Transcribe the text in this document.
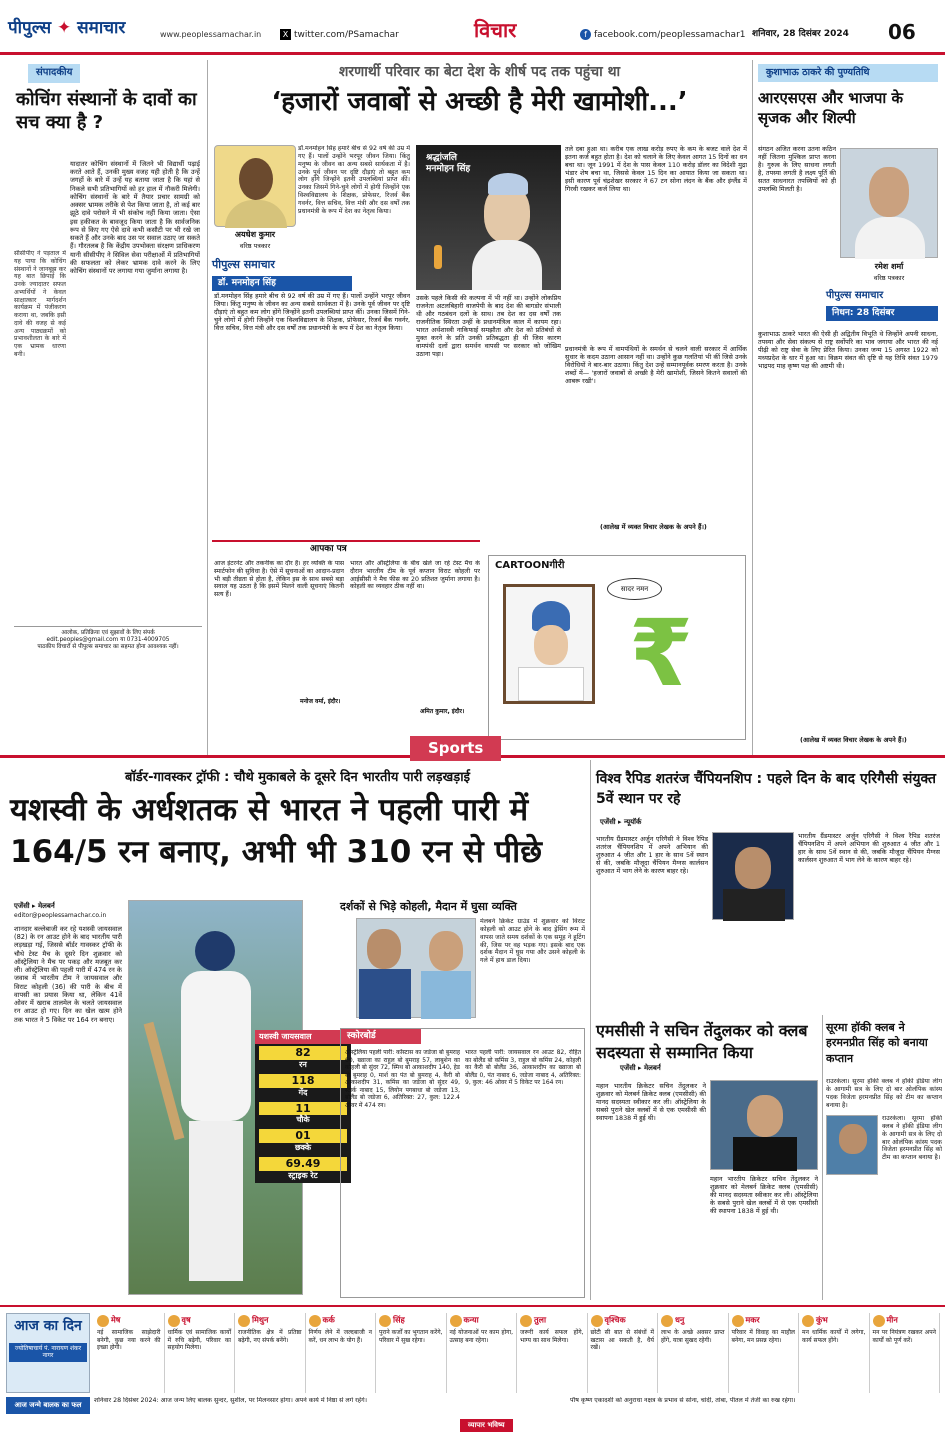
पीपुल्स ✦ समाचार	www.peoplessamachar.in	X twitter.com/PSamachar	विचार	f facebook.com/peoplessamachar1 शनिवार, 28 दिसंबर 2024 06
संपादकीय
कोचिंग संस्थानों के दावों का सच क्या है ?
यादातर कोचिंग संस्थानों में जितने भी विद्यार्थी पढ़ाई करते आते हैं, उनकी मुख्य वजह यही होती है कि उन्हें जगहों के बारे में उन्हें यह बताया जाता है कि यहां से निकले सभी प्रतिभागियों को हर हाल में नौकरी मिलेगी। कोचिंग संस्थानों के बारे में तैयार प्रचार सामग्री को अक्सर भ्रामक तरीके से पेश किया जाता है, तो कई बार झूठे दावे परोसने में भी संकोच नहीं किया जाता। ऐसा इस हकीकत के बावजूद किया जाता है कि सार्वजनिक रूप से किए गए ऐसे दावे कभी कसौटी पर भी रखे जा सकते हैं और उनके बाद उस पर सवाल उठाए जा सकते हैं। गौरतलब है कि केंद्रीय उपभोक्ता संरक्षण प्राधिकरण यानी सीसीपीए ने सिविल सेवा परीक्षाओं में प्रतिभागियों की सफलता को लेकर भ्रामक दावे करने के लिए कोचिंग संस्थानों पर लगाया गया जुर्माना लगाया है।
सीसीपीए ने पड़ताल में यह पाया कि कोचिंग संस्थानों ने जानबूझ कर यह बात छिपाई कि उनके ज्यादातर सफल अभ्यर्थियों ने केवल साक्षात्कार मार्गदर्शन कार्यक्रम में पंजीकरण कराया था, जबकि इसी दावे की वजह से कई अन्य पाठ्यक्रमों को प्रभावशीलता के बारे में एक भ्रामक धारणा बनी।
आलोक, प्रतिक्रिया एवं सुझावों के लिए संपर्क
edit.peoples@gmail.com या 0731-4009705
पाठकीय विचारों से पीपुल्स समाचार का सहमत होना आवश्यक नहीं।
शरणार्थी परिवार का बेटा देश के शीर्ष पद तक पहुंचा था
‘हजारों जवाबों से अच्छी है मेरी खामोशी...’
अयधेश कुमार
वरिष्ठ पत्रकार
पीपुल्स समाचार
डॉ. मनमोहन सिंह
डॉ.मनमोहन सिंह हमारे बीच से 92 वर्ष की उम्र में गए हैं। पालों उन्होंने भरपूर जीवन जिया। किंतु मनुष्य के जीवन का अन्य सबसे सार्थकता में है। उनके पूर्व जीवन पर दृष्टि दौड़ाएं तो बहुत कम लोग होंगे जिन्होंने इतनी उपलब्धियां प्राप्त कीं। उनका जिसमें गिने-चुने लोगों में होगी जिन्होंने एक विश्वविद्यालय के शिक्षक, प्रोफेसर, रिजर्व बैंक गवर्नर, वित्त सचिव, वित्त मंत्री और दस वर्षों तक प्रधानमंत्री के रूप में देश का नेतृत्व किया।
श्रद्धांजलि मनमोहन सिंह
डॉ.मनमोहन सिंह हमारे बीच से 92 वर्ष की उम्र में गए हैं। पालों उन्होंने भरपूर जीवन जिया। किंतु मनुष्य के जीवन का अन्य सबसे सार्थकता में है। उनके पूर्व जीवन पर दृष्टि दौड़ाएं तो बहुत कम लोग होंगे जिन्होंने इतनी उपलब्धियां प्राप्त कीं। उनका जिसमें गिने-चुने लोगों में होगी जिन्होंने एक विश्वविद्यालय के शिक्षक, प्रोफेसर, रिजर्व बैंक गवर्नर, वित्त सचिव, वित्त मंत्री और दस वर्षों तक प्रधानमंत्री के रूप में देश का नेतृत्व किया।
उसके पहले किसी की कल्पना में भी नहीं था। उन्होंने लोकप्रिय राजनेता अटलबिहारी वाजपेयी के बाद देश की बागडोर संभाली थी और गठबंधन दलों के साथ। तब देश का दस वर्षों तक राजनीतिक स्थिरता उन्हीं के प्रधानमंत्रित्व काल में कायम रहा। भारत अर्थशास्त्री नाकिफाई समझौता और देश को प्रतिबंधों से मुक्त करने के प्रति उनकी प्रतिबद्धता ही थी जिस कारण वामपंथी दलों द्वारा समर्थन वापसी पर सरकार को जोखिम उठाना पड़ा।
तले दबा हुआ था। करीब एक लाख करोड़ रुपए के कम के बजट वाले देश में इतना कर्ज बहुत होता है। देश को चलाने के लिए केवल आगत 15 दिनों का धन बचा था। जून 1991 में देश के पास केवल 110 करोड़ डॉलर का विदेशी मुद्रा भंडार शेष बचा था, जिससे केवल 15 दिन का आयात किया जा सकता था। इसी कारण पूर्व चंद्रशेखर सरकार ने 67 टन सोना लंदन के बैंक और इंग्लैंड में गिरवी रखकर कर्ज लिया था।
प्रधानमंत्री के रूप में वामपंथियों के समर्थन से चलने वाली सरकार में आर्थिक सुधार के कदम उठाना आसान नहीं था। उन्होंने कुछ गलतियां भी कीं जिसे उनके विरोधियों ने बार-बार उठाया। किंतु देश उन्हें सम्मानपूर्वक स्मरण करता है। उनके शब्दों में— 'हजारों जवाबों से अच्छी है मेरी खामोशी, जिसने कितने सवालों की आबरू रखी'।
(आलेख में व्यक्त विचार लेखक के अपने हैं।)
आपका पत्र
आज इंटरनेट और तकनीक का दौर है। हर व्यक्ति के पास स्मार्टफोन की सुविधा है। ऐसे में सूचनाओं का आदान-प्रदान भी बड़ी तीव्रता से होता है, लेकिन इस के साथ सबसे बड़ा सवाल यह उठता है कि इसमें मिलने वाली सूचनाएं कितनी सत्य हैं।
मनोज वर्मा, इंदौर।
भारत और ऑस्ट्रेलिया के बीच खेले जा रहे टेस्ट मैच के दौरान भारतीय टीम के पूर्व कप्तान विराट कोहली पर आईसीसी ने मैच फीस का 20 प्रतिशत जुर्माना लगाया है। कोहली का व्यवहार ठीक नहीं था।
अमित कुमार, इंदौर।
CARTOONगीरी
सादर नमन
₹
कुशाभाऊ ठाकरे की पुण्यतिथि
आरएसएस और भाजपा के सृजक और शिल्पी
संगठन अजित करना उतना कठिन नहीं जितना मुश्किल प्राप्त करना है। गुरुत्व के लिए साधना लगती है, तपस्या लगती है लक्ष्य पूर्ति की सतत साधनारत तपस्वियों को ही उपलब्धि मिलती है।
रमेश शर्मा
वरिष्ठ पत्रकार
पीपुल्स समाचार
निधन: 28 दिसंबर
कुशाभाऊ ठाकरे भारत की ऐसी ही अद्वितीय विभूति थे जिन्होंने अपनी साधना, तपस्या और सेवा संकल्प से राष्ट्र सर्वोपरि का भाव जगाया और भारत की नई पीढ़ी को राष्ट्र सेवा के लिए प्रेरित किया। उनका जन्म 15 अगस्त 1922 को मध्यप्रदेश के धार में हुआ था। विक्रम संवत की दृष्टि से यह तिथि संवत 1979 भाद्रपद माह कृष्ण पक्ष की अष्टमी थी।
(आलेख में व्यक्त विचार लेखक के अपने हैं।)
Sports
बॉर्डर-गावस्कर ट्रॉफी : चौथे मुकाबले के दूसरे दिन भारतीय पारी लड़खड़ाई
यशस्वी के अर्धशतक से भारत ने पहली पारी में 164/5 रन बनाए, अभी भी 310 रन से पीछे
एजेंसी ▸ मेलबर्न
editor@peoplessamachar.co.in
शानदार बल्लेबाजी कर रहे यशस्वी जायसवाल (82) के रन आउट होने के बाद भारतीय पारी लड़खड़ा गई, जिससे बॉर्डर गावस्कर ट्रॉफी के चौथे टेस्ट मैच के दूसरे दिन शुक्रवार को ऑस्ट्रेलिया ने मैच पर पकड़ और मजबूत कर ली। ऑस्ट्रेलिया की पहली पारी में 474 रन के जवाब में भारतीय टीम ने जायसवाल और विराट कोहली (36) की पारी के बीच में वापसी का प्रयास किया था, लेकिन 41वें ओवर में खराब तालमेल के चलते जायसवाल रन आउट हो गए। दिन का खेल खत्म होने तक भारत ने 5 विकेट पर 164 रन बनाए।
यशस्वी जायसवाल
82
रन
118
गेंद
11
चौके
01
छक्के
69.49
स्ट्राइक रेट
दर्शकों से भिड़े कोहली, मैदान में घुसा व्यक्ति
मेलबर्न क्रिकेट ग्राउंड में शुक्रवार को विराट कोहली को आउट होने के बाद ड्रेसिंग रूम में वापस जाते समय दर्शकों के एक समूह ने हूटिंग की, जिस पर वह भड़क गए। इसके बाद एक दर्शक मैदान में घुस गया और उसने कोहली के गले में हाथ डाल दिया।
स्कोरबोर्ड
ऑस्ट्रेलिया पहली पारी: कोंस्टास का जडेजा बो बुमराह 60, ख्वाजा का राहुल बो बुमराह 57, लाबुशेन का कोहली बो सुंदर 72, स्मिथ बो आकाशदीप 140, हेड बो बुमराह 0, मार्श का पंत बो बुमराह 4, कैरी बो आकाशदीप 31, कमिंस का जडेजा बो सुंदर 49, स्टार्क नाबाद 15, लियोन पगबाधा बो जडेजा 13, बोलैंड बो जडेजा 6, अतिरिक्त: 27, कुल: 122.4 ओवर में 474 रन।
भारत पहली पारी: जायसवाल रन आउट 82, रोहित का बोलैंड बो कमिंस 3, राहुल बो कमिंस 24, कोहली का कैरी बो बोलैंड 36, आकाशदीप का ख्वाजा बो बोलैंड 0, पंत नाबाद 6, जडेजा नाबाद 4, अतिरिक्त: 9, कुल: 46 ओवर में 5 विकेट पर 164 रन।
विश्व रैपिड शतरंज चैंपियनशिप : पहले दिन के बाद एरिगैसी संयुक्त 5वें स्थान पर रहे
एजेंसी ▸ न्यूयॉर्क
भारतीय ग्रैंडमास्टर अर्जुन एरिगैसी ने विश्व रैपिड शतरंज चैंपियनशिप में अपने अभियान की शुरुआत 4 जीत और 1 हार के साथ 5वें स्थान से की, जबकि मौजूदा चैंपियन मैग्नस कार्लसन शुरुआत में भाग लेने के कारण बाहर रहे।
भारतीय ग्रैंडमास्टर अर्जुन एरिगैसी ने विश्व रैपिड शतरंज चैंपियनशिप में अपने अभियान की शुरुआत 4 जीत और 1 हार के साथ 5वें स्थान से की, जबकि मौजूदा चैंपियन मैग्नस कार्लसन शुरुआत में भाग लेने के कारण बाहर रहे।
एमसीसी ने सचिन तेंदुलकर को क्लब सदस्यता से सम्मानित किया
एजेंसी ▸ मेलबर्न
महान भारतीय क्रिकेटर सचिन तेंदुलकर ने शुक्रवार को मेलबर्न क्रिकेट क्लब (एमसीसी) की मानद सदस्यता स्वीकार कर ली। ऑस्ट्रेलिया के सबसे पुराने खेल क्लबों में से एक एमसीसी की स्थापना 1838 में हुई थी।
महान भारतीय क्रिकेटर सचिन तेंदुलकर ने शुक्रवार को मेलबर्न क्रिकेट क्लब (एमसीसी) की मानद सदस्यता स्वीकार कर ली। ऑस्ट्रेलिया के सबसे पुराने खेल क्लबों में से एक एमसीसी की स्थापना 1838 में हुई थी।
सूरमा हॉकी क्लब ने हरमनप्रीत सिंह को बनाया कप्तान
राउरकेला। सूरमा हॉकी क्लब ने हॉकी इंडिया लीग के आगामी सत्र के लिए दो बार ओलंपिक कांस्य पदक विजेता हरमनप्रीत सिंह को टीम का कप्तान बनाया है।
राउरकेला। सूरमा हॉकी क्लब ने हॉकी इंडिया लीग के आगामी सत्र के लिए दो बार ओलंपिक कांस्य पदक विजेता हरमनप्रीत सिंह को टीम का कप्तान बनाया है।
आज का दिन
ज्योतिषाचार्य पं. नारायण शंकर नागर
मेष
नई सामाजिक साझेदारी बनेगी, कुछ नया करने की इच्छा होगी।
वृष
धार्मिक एवं सामाजिक कार्यों में रुचि बढ़ेगी, परिवार का सहयोग मिलेगा।
मिथुन
राजनीतिक क्षेत्र में प्रतिष्ठा बढ़ेगी, नए संपर्क बनेंगे।
कर्क
निर्णय लेने में जल्दबाजी न करें, धन लाभ के योग हैं।
सिंह
पुराने कर्जों का भुगतान करेंगे, परिवार में सुख रहेगा।
कन्या
नई योजनाओं पर काम होगा, उत्साह बना रहेगा।
तुला
जरूरी कार्य सफल होंगे, भाग्य का साथ मिलेगा।
वृश्चिक
छोटी सी बात से संबंधों में खटास आ सकती है, धैर्य रखें।
धनु
लाभ के अच्छे अवसर प्राप्त होंगे, यात्रा सुखद रहेगी।
मकर
परिवार में विवाह का माहौल बनेगा, मन प्रसन्न रहेगा।
कुंभ
मन धार्मिक कार्यों में लगेगा, कार्य सफल होंगे।
मीन
मन पर नियंत्रण रखकर अपने कार्यों को पूर्ण करें।
आज जन्मे बालक का फल
शनिवार 28 दिसंबर 2024: आज जन्म लिए बालक सुन्दर, सुशील, पर मिलनसार होगा। अपने कार्य में निष्ठा से लगे रहेंगे।
व्यापार भविष्य
पौष कृष्ण एकादशी को अनुराधा नक्षत्र के प्रभाव से सोना, चांदी, तांबा, पीतल में तेजी का रुख रहेगा।
